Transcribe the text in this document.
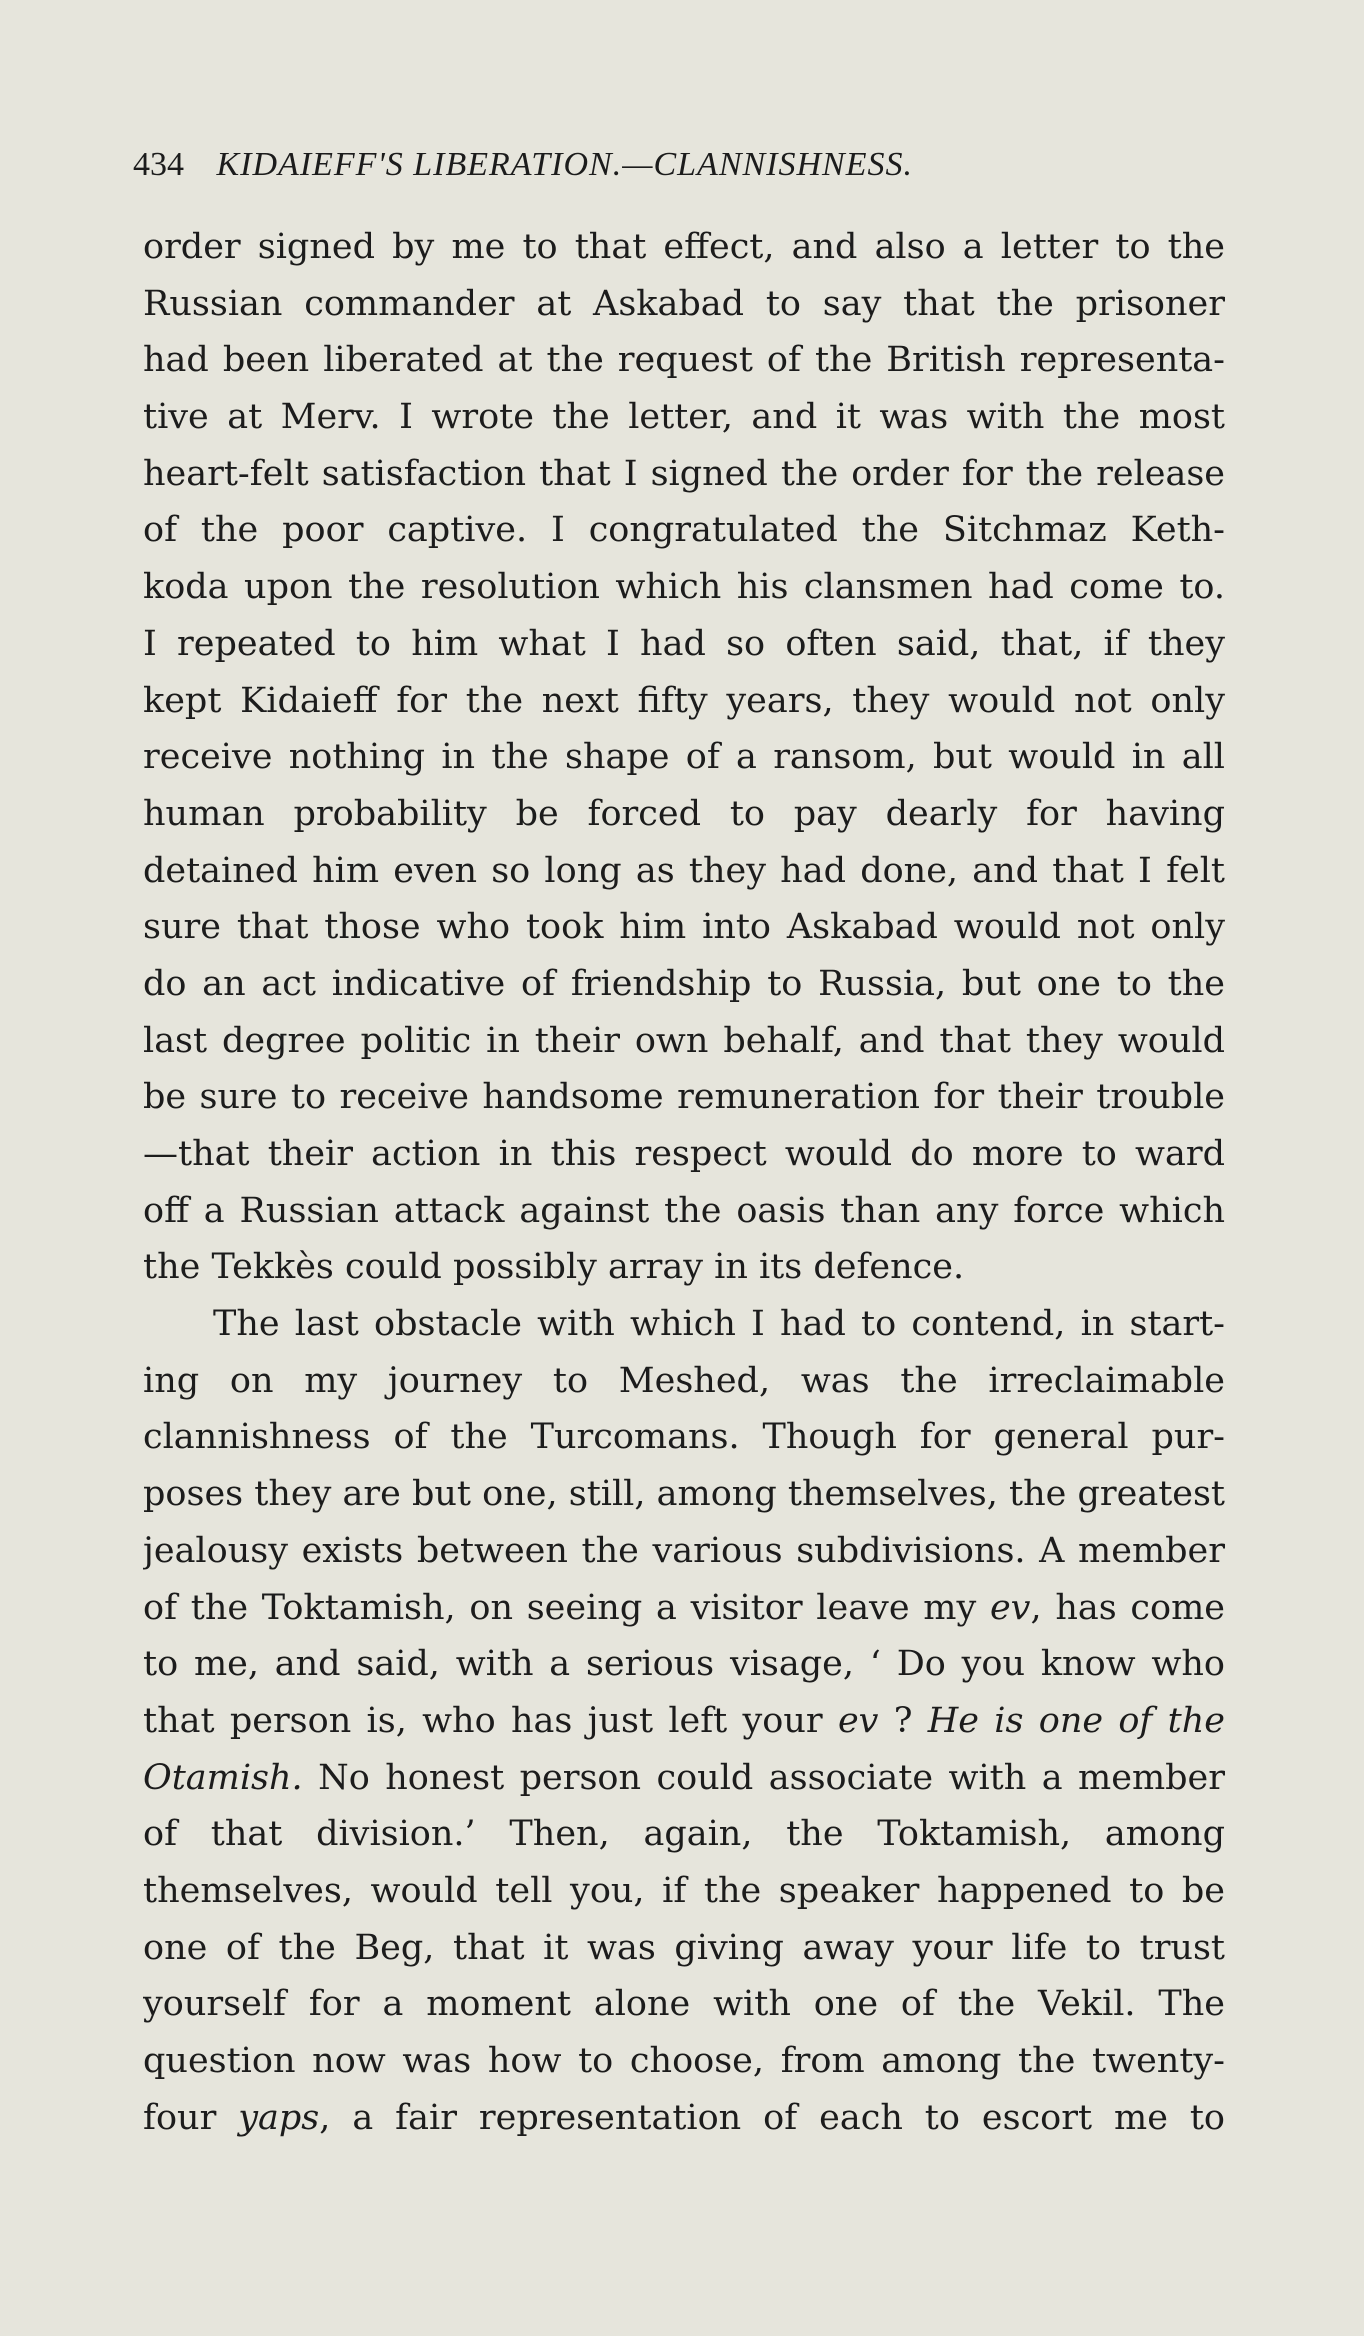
434 KIDAIEFF'S LIBERATION.—CLANNISHNESS.
order signed by me to that effect, and also a letter to the
Russian commander at Askabad to say that the prisoner
had been liberated at the request of the British representa-
tive at Merv. I wrote the letter, and it was with the most
heart-felt satisfaction that I signed the order for the release
of the poor captive. I congratulated the Sitchmaz Keth-
koda upon the resolution which his clansmen had come to.
I repeated to him what I had so often said, that, if they
kept Kidaieff for the next fifty years, they would not only
receive nothing in the shape of a ransom, but would in all
human probability be forced to pay dearly for having
detained him even so long as they had done, and that I felt
sure that those who took him into Askabad would not only
do an act indicative of friendship to Russia, but one to the
last degree politic in their own behalf, and that they would
be sure to receive handsome remuneration for their trouble
—that their action in this respect would do more to ward
off a Russian attack against the oasis than any force which
the Tekkès could possibly array in its defence.
The last obstacle with which I had to contend, in start-
ing on my journey to Meshed, was the irreclaimable
clannishness of the Turcomans. Though for general pur-
poses they are but one, still, among themselves, the greatest
jealousy exists between the various subdivisions. A member
of the Toktamish, on seeing a visitor leave my ev, has come
to me, and said, with a serious visage, ‘ Do you know who
that person is, who has just left your ev ? He is one of the
Otamish. No honest person could associate with a member
of that division.’ Then, again, the Toktamish, among
themselves, would tell you, if the speaker happened to be
one of the Beg, that it was giving away your life to trust
yourself for a moment alone with one of the Vekil. The
question now was how to choose, from among the twenty-
four yaps, a fair representation of each to escort me to
